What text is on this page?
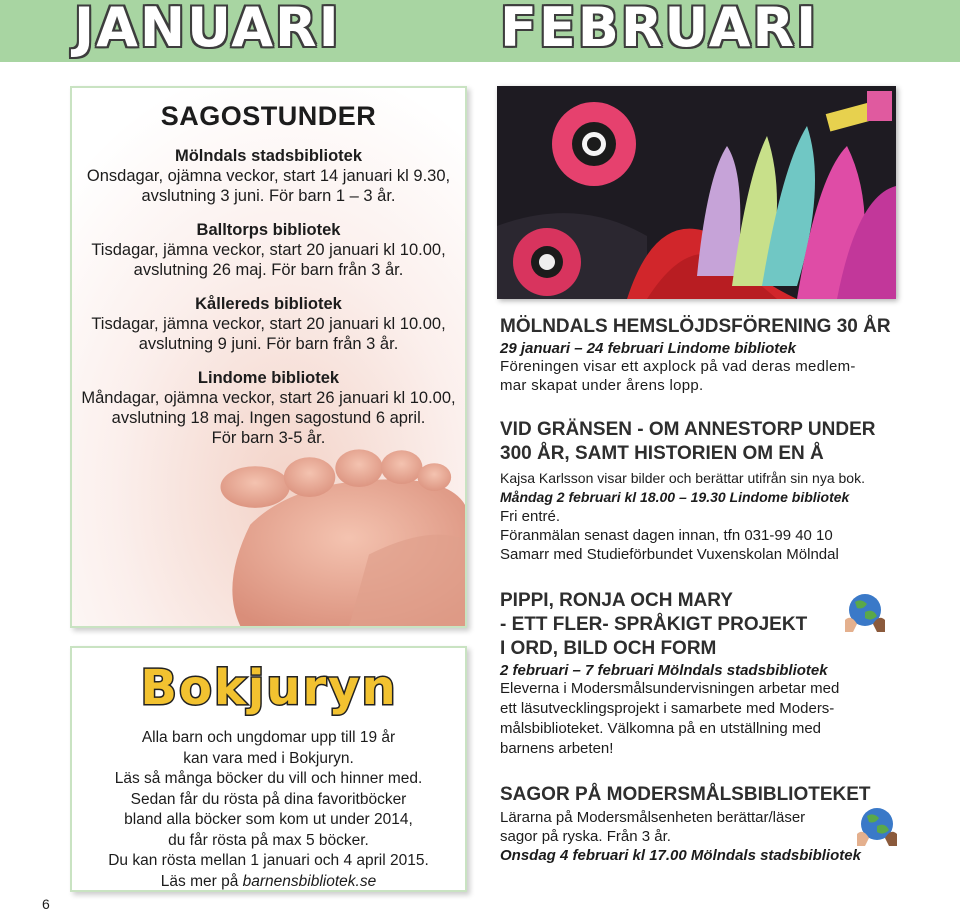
JANUARI	FEBRUARI
SAGOSTUNDER
Mölndals stadsbibliotek
Onsdagar, ojämna veckor, start 14 januari kl 9.30,
avslutning 3 juni. För barn 1 – 3 år.
Balltorps bibliotek
Tisdagar, jämna veckor, start 20 januari kl 10.00,
avslutning 26 maj. För barn från 3 år.
Kållereds bibliotek
Tisdagar, jämna veckor, start 20 januari kl 10.00,
avslutning 9 juni. För barn från 3 år.
Lindome bibliotek
Måndagar, ojämna veckor, start 26 januari kl 10.00,
avslutning 18 maj. Ingen sagostund 6 april.
För barn 3-5 år.
Bokjuryn
Alla barn och ungdomar upp till 19 år
kan vara med i Bokjuryn.
Läs så många böcker du vill och hinner med.
Sedan får du rösta på dina favoritböcker
bland alla böcker som kom ut under 2014,
du får rösta på max 5 böcker.
Du kan rösta mellan 1 januari och 4 april 2015.
Läs mer på barnensbibliotek.se
MÖLNDALS HEMSLÖJDSFÖRENING 30 ÅR
29 januari – 24 februari Lindome bibliotek
Föreningen visar ett axplock på vad deras medlem-
mar skapat under årens lopp.
VID GRÄNSEN - OM ANNESTORP UNDER
300 ÅR, SAMT HISTORIEN OM EN Å
Kajsa Karlsson visar bilder och berättar utifrån sin nya bok.
Måndag 2 februari kl 18.00 – 19.30 Lindome bibliotek
Fri entré.
Föranmälan senast dagen innan, tfn 031-99 40 10
Samarr med Studieförbundet Vuxenskolan Mölndal
PIPPI, RONJA OCH MARY
- ETT FLER- SPRÅKIGT PROJEKT
I ORD, BILD OCH FORM
2 februari – 7 februari Mölndals stadsbibliotek
Eleverna i Modersmålsundervisningen arbetar med
ett läsutvecklingsprojekt i samarbete med Moders-
målsbiblioteket. Välkomna på en utställning med
barnens arbeten!
SAGOR PÅ MODERSMÅLSBIBLIOTEKET
Lärarna på Modersmålsenheten berättar/läser
sagor på ryska. Från 3 år.
Onsdag 4 februari kl 17.00 Mölndals stadsbibliotek
6
